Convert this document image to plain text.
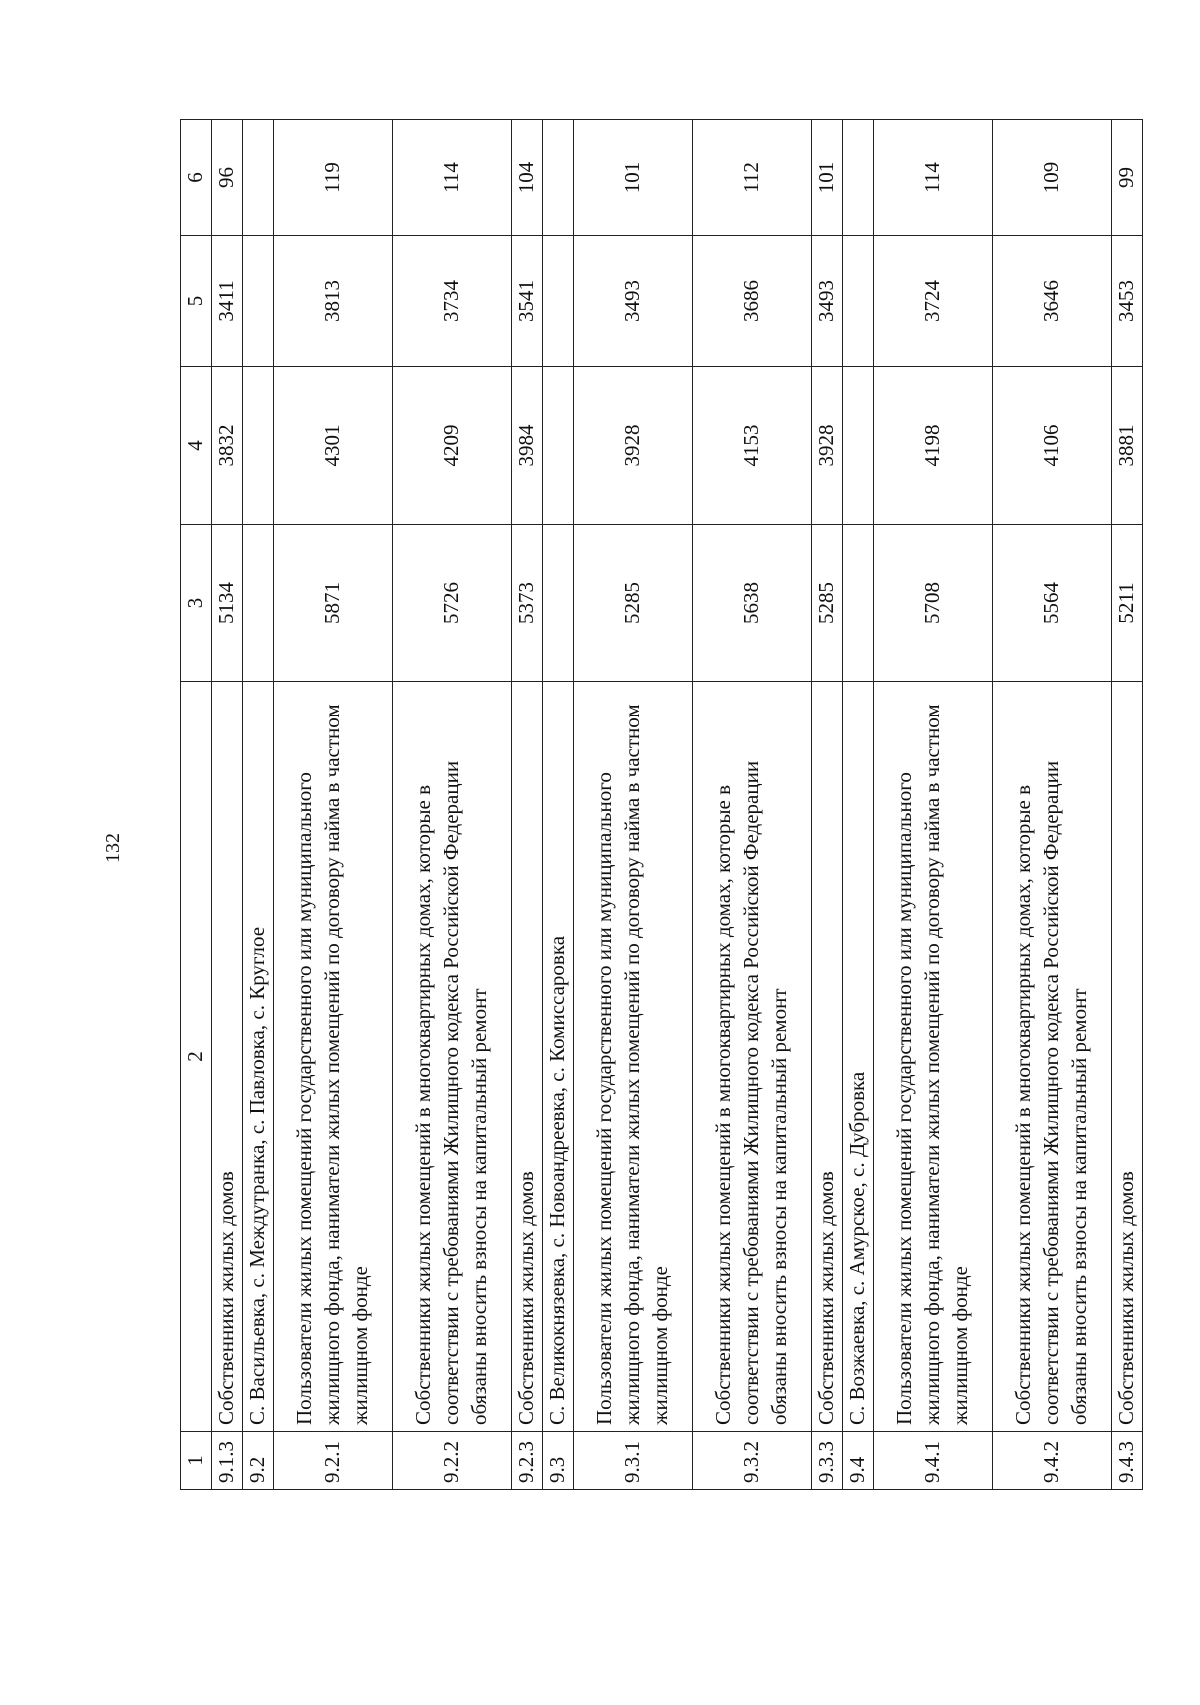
132
1	2	3	4	5	6
9.1.3	Собственники жилых домов	5134	3832	3411	96
9.2	С. Васильевка, с. Междутранка, с. Павловка, с. Круглое				
9.2.1	Пользователи жилых помещений государственного или муниципального жилищного фонда, наниматели жилых помещений по договору найма в частном жилищном фонде	5871	4301	3813	119
9.2.2	Собственники жилых помещений в многоквартирных домах, которые в соответствии с требованиями Жилищного кодекса Российской Федерации обязаны вносить взносы на капитальный ремонт	5726	4209	3734	114
9.2.3	Собственники жилых домов	5373	3984	3541	104
9.3	С. Великокнязевка, с. Новоандреевка, с. Комиссаровка				
9.3.1	Пользователи жилых помещений государственного или муниципального жилищного фонда, наниматели жилых помещений по договору найма в частном жилищном фонде	5285	3928	3493	101
9.3.2	Собственники жилых помещений в многоквартирных домах, которые в соответствии с требованиями Жилищного кодекса Российской Федерации обязаны вносить взносы на капитальный ремонт	5638	4153	3686	112
9.3.3	Собственники жилых домов	5285	3928	3493	101
9.4	С. Возжаевка, с. Амурское, с. Дубровка				
9.4.1	Пользователи жилых помещений государственного или муниципального жилищного фонда, наниматели жилых помещений по договору найма в частном жилищном фонде	5708	4198	3724	114
9.4.2	Собственники жилых помещений в многоквартирных домах, которые в соответствии с требованиями Жилищного кодекса Российской Федерации обязаны вносить взносы на капитальный ремонт	5564	4106	3646	109
9.4.3	Собственники жилых домов	5211	3881	3453	99
